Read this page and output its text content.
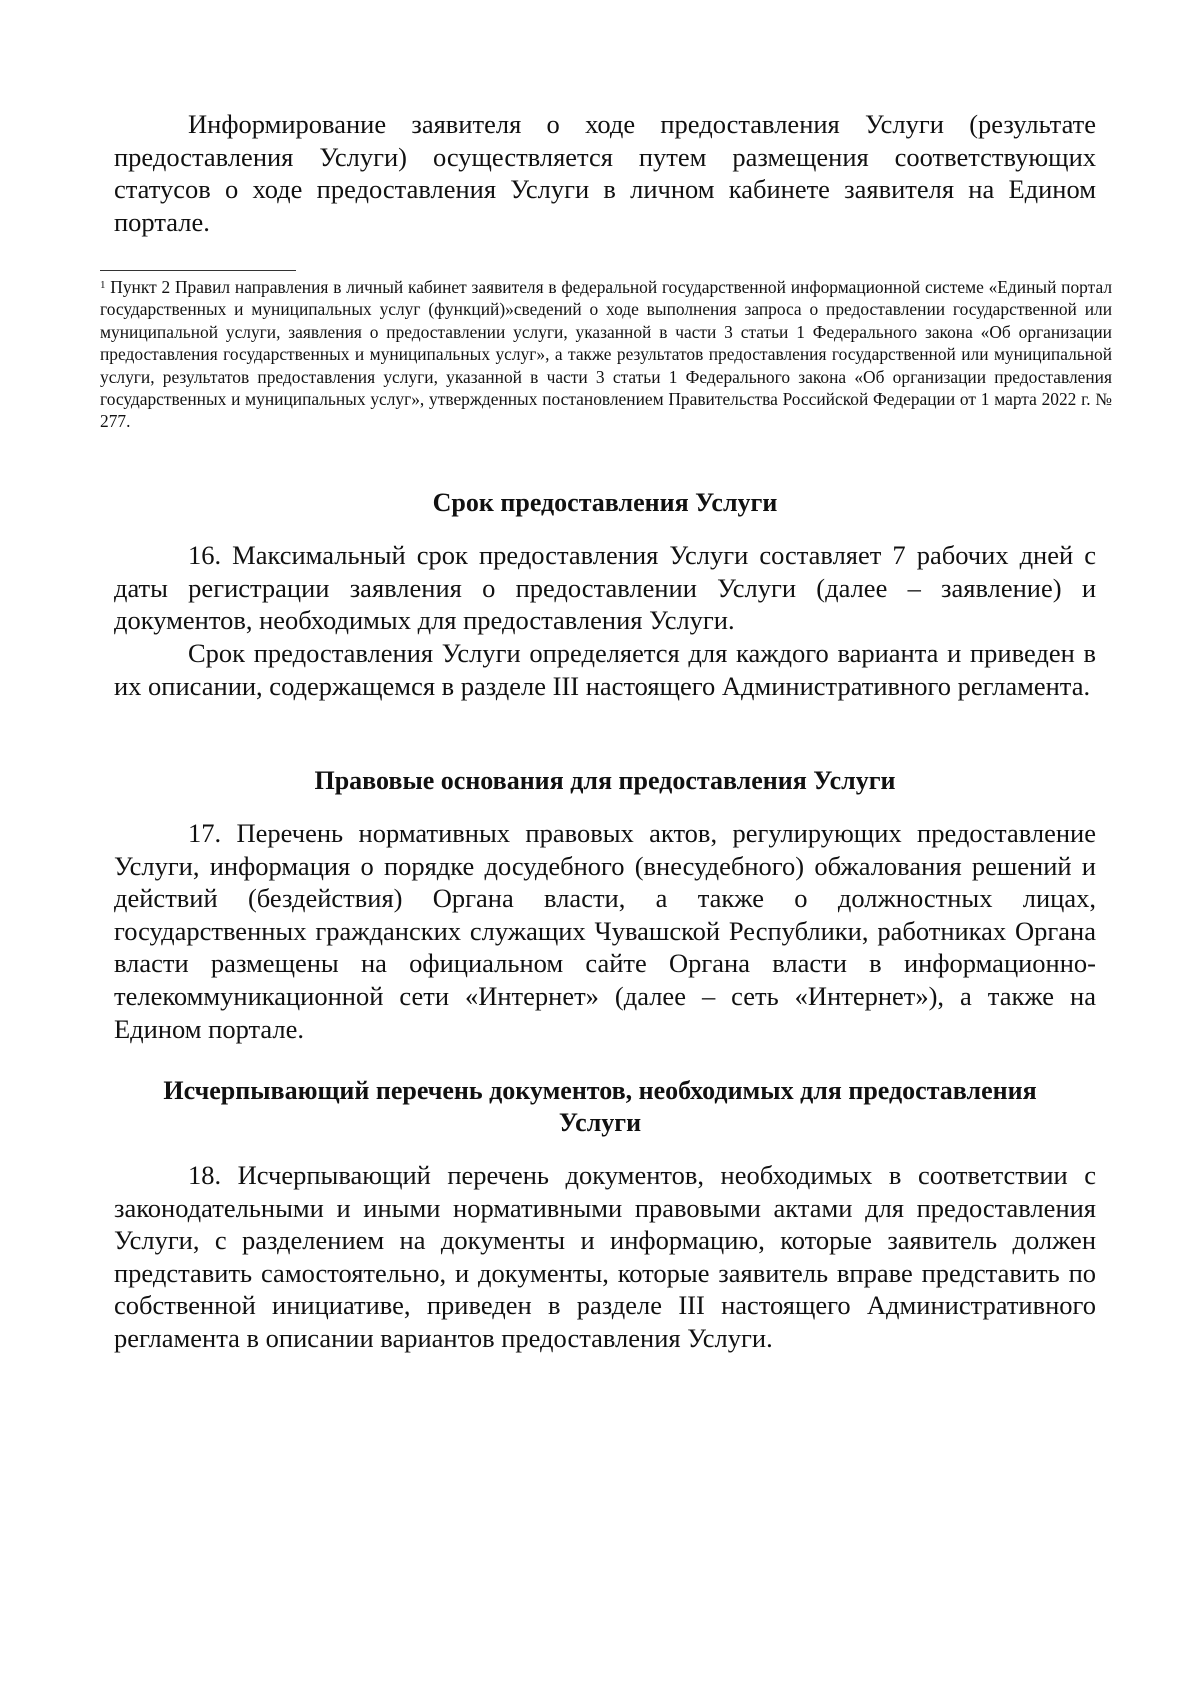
Информирование заявителя о ходе предоставления Услуги (результате предоставления Услуги) осуществляется путем размещения соответствующих статусов о ходе предоставления Услуги в личном кабинете заявителя на Едином портале.

$^1$ Пункт 2 Правил направления в личный кабинет заявителя в федеральной государственной информационной системе «Единый портал государственных и муниципальных услуг (функций)»сведений о ходе выполнения запроса о предоставлении государственной или муниципальной услуги, заявления о предоставлении услуги, указанной в части 3 статьи 1 Федерального закона «Об организации предоставления государственных и муниципальных услуг», а также результатов предоставления государственной или муниципальной услуги, результатов предоставления услуги, указанной в части 3 статьи 1 Федерального закона «Об организации предоставления государственных и муниципальных услуг», утвержденных постановлением Правительства Российской Федерации от 1 марта 2022 г. № 277.

Срок предоставления Услуги

16. Максимальный срок предоставления Услуги составляет 7 рабочих дней с даты регистрации заявления о предоставлении Услуги (далее – заявление) и документов, необходимых для предоставления Услуги.

Срок предоставления Услуги определяется для каждого варианта и приведен в их описании, содержащемся в разделе III настоящего Административного регламента.

Правовые основания для предоставления Услуги

17. Перечень нормативных правовых актов, регулирующих предоставление Услуги, информация о порядке досудебного (внесудебного) обжалования решений и действий (бездействия) Органа власти, а также о должностных лицах, государственных гражданских служащих Чувашской Республики, работниках Органа власти размещены на официальном сайте Органа власти в информационно-телекоммуникационной сети «Интернет» (далее – сеть «Интернет»), а также на Едином портале.

Исчерпывающий перечень документов, необходимых для предоставления Услуги

18. Исчерпывающий перечень документов, необходимых в соответствии с законодательными и иными нормативными правовыми актами для предоставления Услуги, с разделением на документы и информацию, которые заявитель должен представить самостоятельно, и документы, которые заявитель вправе представить по собственной инициативе, приведен в разделе III настоящего Административного регламента в описании вариантов предоставления Услуги.
